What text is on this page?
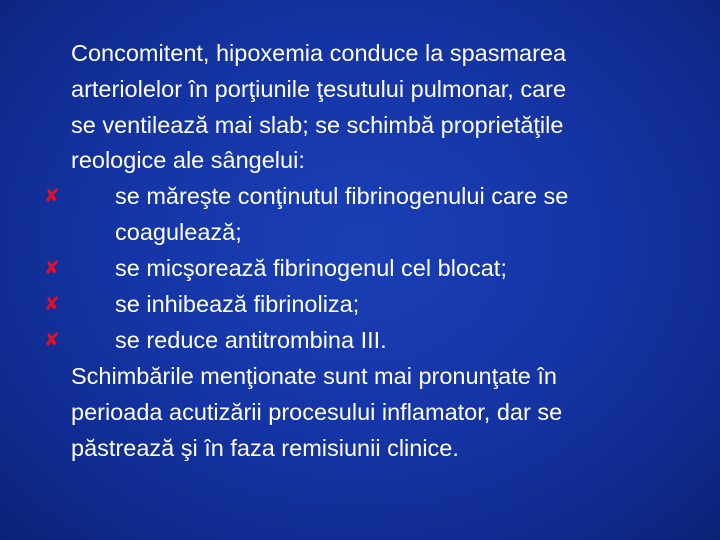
Concomitent, hipoxemia conduce la spasmarea
arteriolelor în porţiunile ţesutului pulmonar, care
se ventilează mai slab; se schimbă proprietăţile
reologice ale sângelui:
✘ se măreşte conţinutul fibrinogenului care se
coagulează;
✘ se micşorează fibrinogenul cel blocat;
✘ se inhibează fibrinoliza;
✘ se reduce antitrombina III.
Schimbările menţionate sunt mai pronunţate în
perioada acutizării procesului inflamator, dar se
păstrează şi în faza remisiunii clinice.
